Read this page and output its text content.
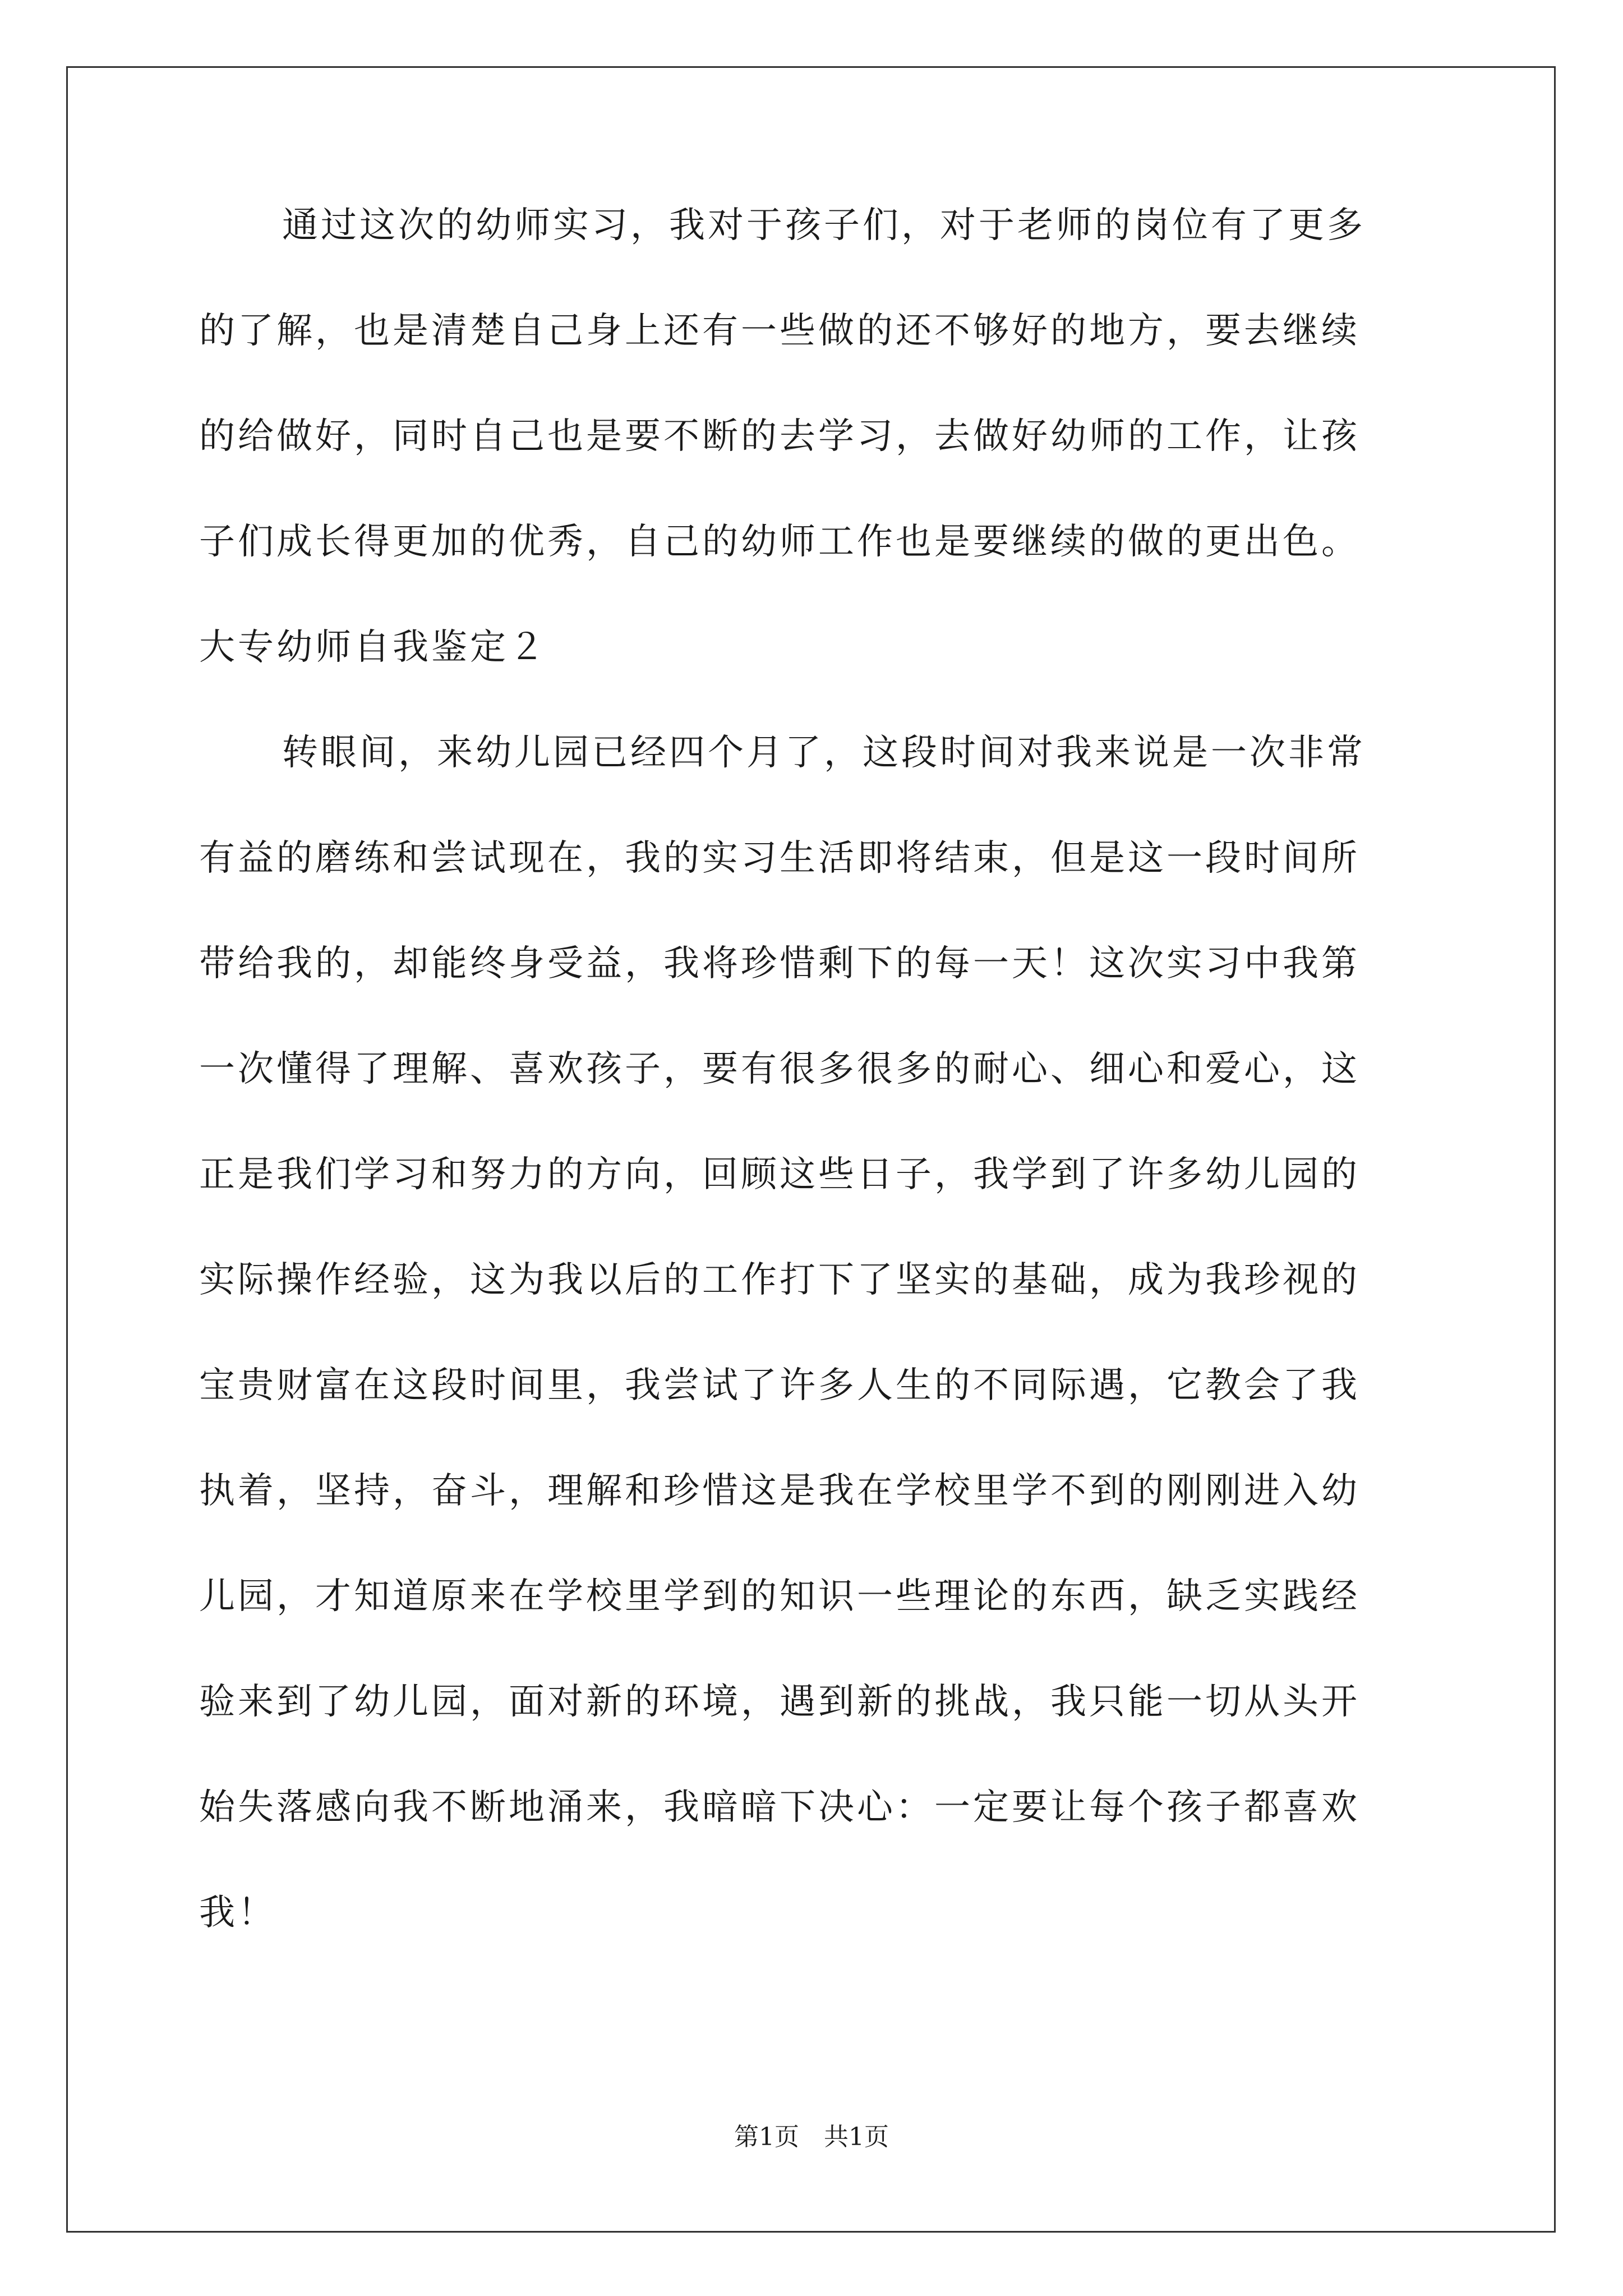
通过这次的幼师实习，我对于孩子们，对于老师的岗位有了更多
的了解，也是清楚自己身上还有一些做的还不够好的地方，要去继续
的给做好，同时自己也是要不断的去学习，去做好幼师的工作，让孩
子们成长得更加的优秀，自己的幼师工作也是要继续的做的更出色。
大专幼师自我鉴定２
转眼间，来幼儿园已经四个月了，这段时间对我来说是一次非常
有益的磨练和尝试现在，我的实习生活即将结束，但是这一段时间所
带给我的，却能终身受益，我将珍惜剩下的每一天！这次实习中我第
一次懂得了理解、喜欢孩子，要有很多很多的耐心、细心和爱心，这
正是我们学习和努力的方向，回顾这些日子，我学到了许多幼儿园的
实际操作经验，这为我以后的工作打下了坚实的基础，成为我珍视的
宝贵财富在这段时间里，我尝试了许多人生的不同际遇，它教会了我
执着，坚持，奋斗，理解和珍惜这是我在学校里学不到的刚刚进入幼
儿园，才知道原来在学校里学到的知识一些理论的东西，缺乏实践经
验来到了幼儿园，面对新的环境，遇到新的挑战，我只能一切从头开
始失落感向我不断地涌来，我暗暗下决心：一定要让每个孩子都喜欢
我！
第1页　共1页
